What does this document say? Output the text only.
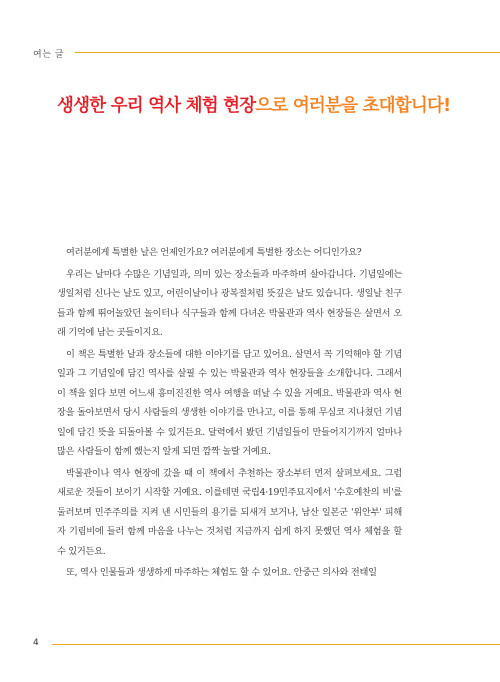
여는 글
생생한 우리 역사 체험 현장으로 여러분을 초대합니다!

여러분에게 특별한 날은 언제인가요? 여러분에게 특별한 장소는 어디인가요?

우리는 날마다 수많은 기념일과, 의미 있는 장소들과 마주하며 살아갑니다. 기념일에는 생일처럼 신나는 날도 있고, 어린이날이나 광복절처럼 뜻깊은 날도 있습니다. 생일날 친구들과 함께 뛰어놀았던 놀이터나 식구들과 함께 다녀온 박물관과 역사 현장들은 살면서 오래 기억에 남는 곳들이지요.

이 책은 특별한 날과 장소들에 대한 이야기를 담고 있어요. 살면서 꼭 기억해야 할 기념일과 그 기념일에 담긴 역사를 살필 수 있는 박물관과 역사 현장들을 소개합니다. 그래서 이 책을 읽다 보면 어느새 흥미진진한 역사 여행을 떠날 수 있을 거예요. 박물관과 역사 현장을 돌아보면서 당시 사람들의 생생한 이야기를 만나고, 이를 통해 무심코 지나쳤던 기념일에 담긴 뜻을 되돌아볼 수 있거든요. 달력에서 봤던 기념일들이 만들어지기까지 얼마나 많은 사람들이 함께 했는지 알게 되면 깜짝 놀랄 거예요.

박물관이나 역사 현장에 갔을 때 이 책에서 추천하는 장소부터 먼저 살펴보세요. 그럼 새로운 것들이 보이기 시작할 거예요. 이를테면 국립4·19민주묘지에서 '수호예찬의 비'를 둘러보며 민주주의를 지켜 낸 시민들의 용기를 되새겨 보거나, 남산 일본군 '위안부' 피해자 기림비에 들러 함께 마음을 나누는 것처럼 지금까지 쉽게 하지 못했던 역사 체험을 할 수 있거든요.

또, 역사 인물들과 생생하게 마주하는 체험도 할 수 있어요. 안중근 의사와 전태일

4
